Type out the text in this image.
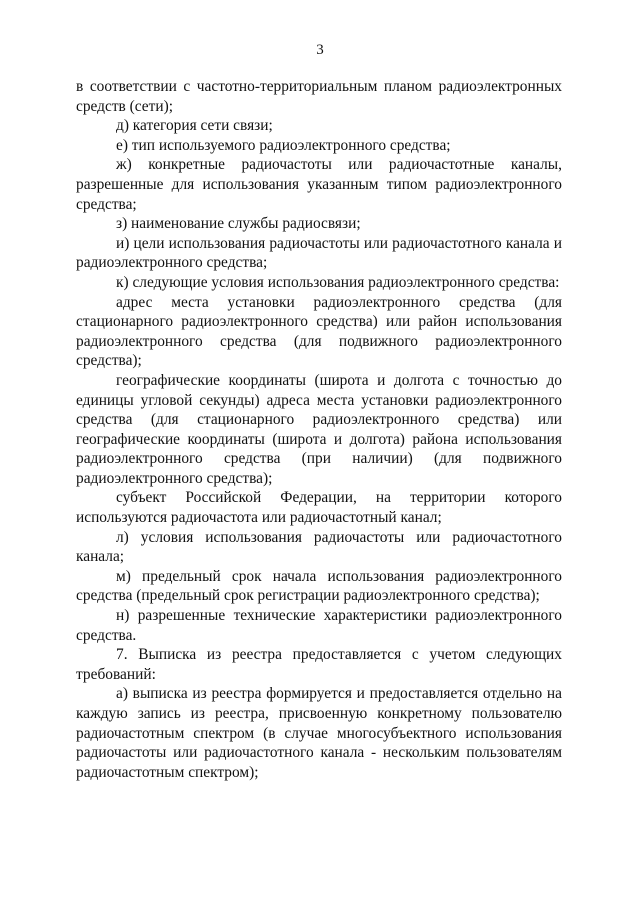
3

в соответствии с частотно-территориальным планом радиоэлектронных средств (сети);

д) категория сети связи;

е) тип используемого радиоэлектронного средства;

ж) конкретные радиочастоты или радиочастотные каналы, разрешенные для использования указанным типом радиоэлектронного средства;

з) наименование службы радиосвязи;

и) цели использования радиочастоты или радиочастотного канала и радиоэлектронного средства;

к) следующие условия использования радиоэлектронного средства:

адрес места установки радиоэлектронного средства (для стационарного радиоэлектронного средства) или район использования радиоэлектронного средства (для подвижного радиоэлектронного средства);

географические координаты (широта и долгота с точностью до единицы угловой секунды) адреса места установки радиоэлектронного средства (для стационарного радиоэлектронного средства) или географические координаты (широта и долгота) района использования радиоэлектронного средства (при наличии) (для подвижного радиоэлектронного средства);

субъект Российской Федерации, на территории которого используются радиочастота или радиочастотный канал;

л) условия использования радиочастоты или радиочастотного канала;

м) предельный срок начала использования радиоэлектронного средства (предельный срок регистрации радиоэлектронного средства);

н) разрешенные технические характеристики радиоэлектронного средства.

7. Выписка из реестра предоставляется с учетом следующих требований:

а) выписка из реестра формируется и предоставляется отдельно на каждую запись из реестра, присвоенную конкретному пользователю радиочастотным спектром (в случае многосубъектного использования радиочастоты или радиочастотного канала - нескольким пользователям радиочастотным спектром);
